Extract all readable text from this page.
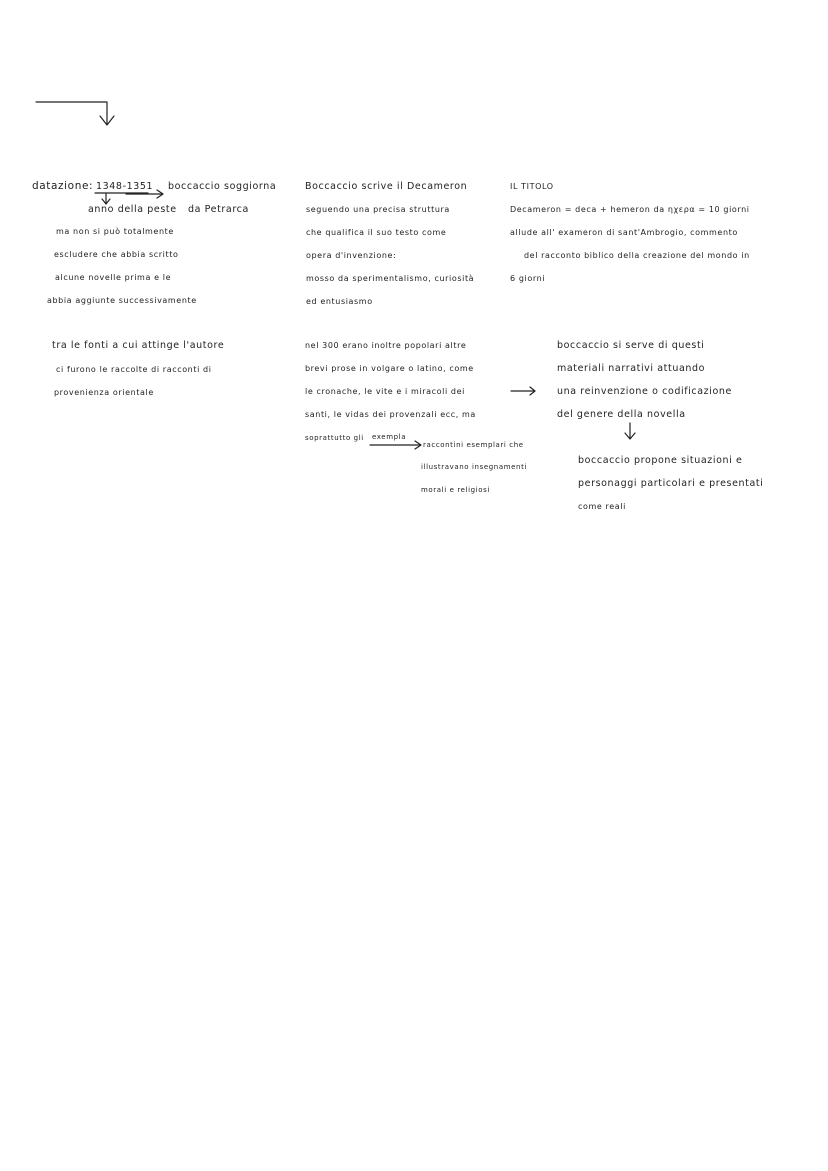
datazione: 1348-1351 boccaccio soggiorna
anno della peste da Petrarca
ma non si può totalmente
escludere che abbia scritto
alcune novelle prima e le
abbia aggiunte successivamente
Boccaccio scrive il Decameron
seguendo una precisa struttura
che qualifica il suo testo come
opera d'invenzione:
mosso da sperimentalismo, curiosità
ed entusiasmo
IL TITOLO
Decameron = deca + hemeron da ηχερα = 10 giorni
allude all' exameron di sant'Ambrogio, commento
del racconto biblico della creazione del mondo in
6 giorni
tra le fonti a cui attinge l'autore
ci furono le raccolte di racconti di
provenienza orientale
nel 300 erano inoltre popolari altre
brevi prose in volgare o latino, come
le cronache, le vite e i miracoli dei
santi, le vidas dei provenzali ecc, ma
soprattutto gli exempla
raccontini esemplari che
illustravano insegnamenti
morali e religiosi
boccaccio si serve di questi
materiali narrativi attuando
una reinvenzione o codificazione
del genere della novella
boccaccio propone situazioni e
personaggi particolari e presentati
come reali
